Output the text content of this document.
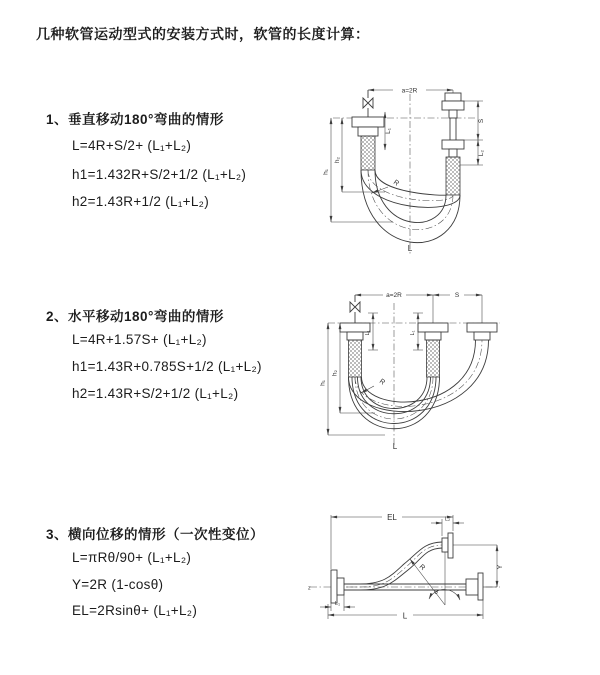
几种软管运动型式的安装方式时，软管的长度计算：
1、垂直移动180°弯曲的情形
L=4R+S/2+ (L₁+L₂)
h1=1.432R+S/2+1/2 (L₁+L₂)
h2=1.43R+1/2 (L₁+L₂)
2、水平移动180°弯曲的情形
L=4R+1.57S+ (L₁+L₂)
h1=1.43R+0.785S+1/2 (L₁+L₂)
h2=1.43R+S/2+1/2 (L₁+L₂)
3、横向位移的情形（一次性变位）
L=πRθ/90+ (L₁+L₂)
Y=2R (1-cosθ)
EL=2Rsinθ+ (L₁+L₂)
a=2R
h₁
h₂
L₁
S
L₂
R
L
a=2R	S
L₁	L₁
h₁
h₂
R
L
z
EL	L₂
Y
R
θ
L₁
L
